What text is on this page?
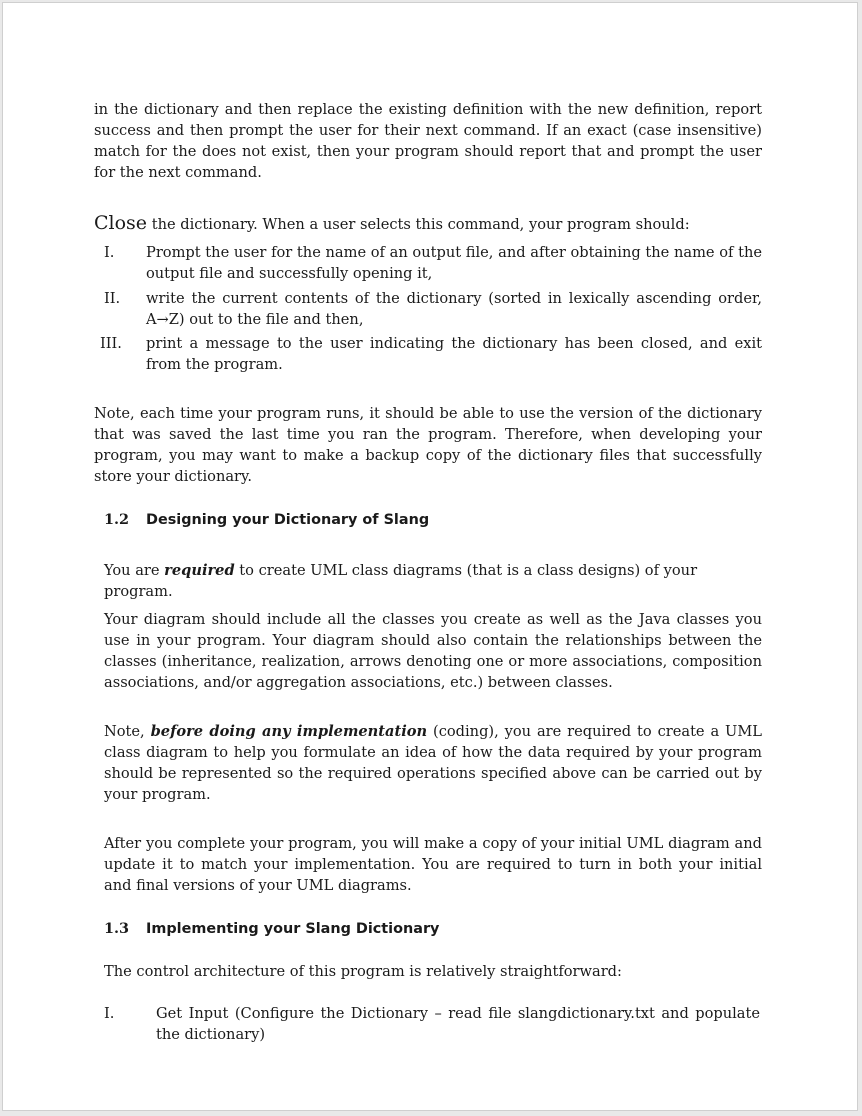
in the dictionary and then replace the existing definition with the new definition, report success and then prompt the user for their next command. If an exact (case insensitive) match for the does not exist, then your program should report that and prompt the user for the next command.

Close the dictionary. When a user selects this command, your program should:

I.	Prompt the user for the name of an output file, and after obtaining the name of the output file and successfully opening it,
II.	write the current contents of the dictionary (sorted in lexically ascending order, A→Z) out to the file and then,
III.	print a message to the user indicating the dictionary has been closed, and exit from the program.

Note, each time your program runs, it should be able to use the version of the dictionary that was saved the last time you ran the program. Therefore, when developing your program, you may want to make a backup copy of the dictionary files that successfully store your dictionary.

1.2 Designing your Dictionary of Slang

You are required to create UML class diagrams (that is a class designs) of your program.

Your diagram should include all the classes you create as well as the Java classes you use in your program. Your diagram should also contain the relationships between the classes (inheritance, realization, arrows denoting one or more associations, composition associations, and/or aggregation associations, etc.) between classes.

Note, before doing any implementation (coding), you are required to create a UML class diagram to help you formulate an idea of how the data required by your program should be represented so the required operations specified above can be carried out by your program.

After you complete your program, you will make a copy of your initial UML diagram and update it to match your implementation. You are required to turn in both your initial and final versions of your UML diagrams.

1.3 Implementing your Slang Dictionary

The control architecture of this program is relatively straightforward:

I.	Get Input (Configure the Dictionary – read file slangdictionary.txt and populate the dictionary)
